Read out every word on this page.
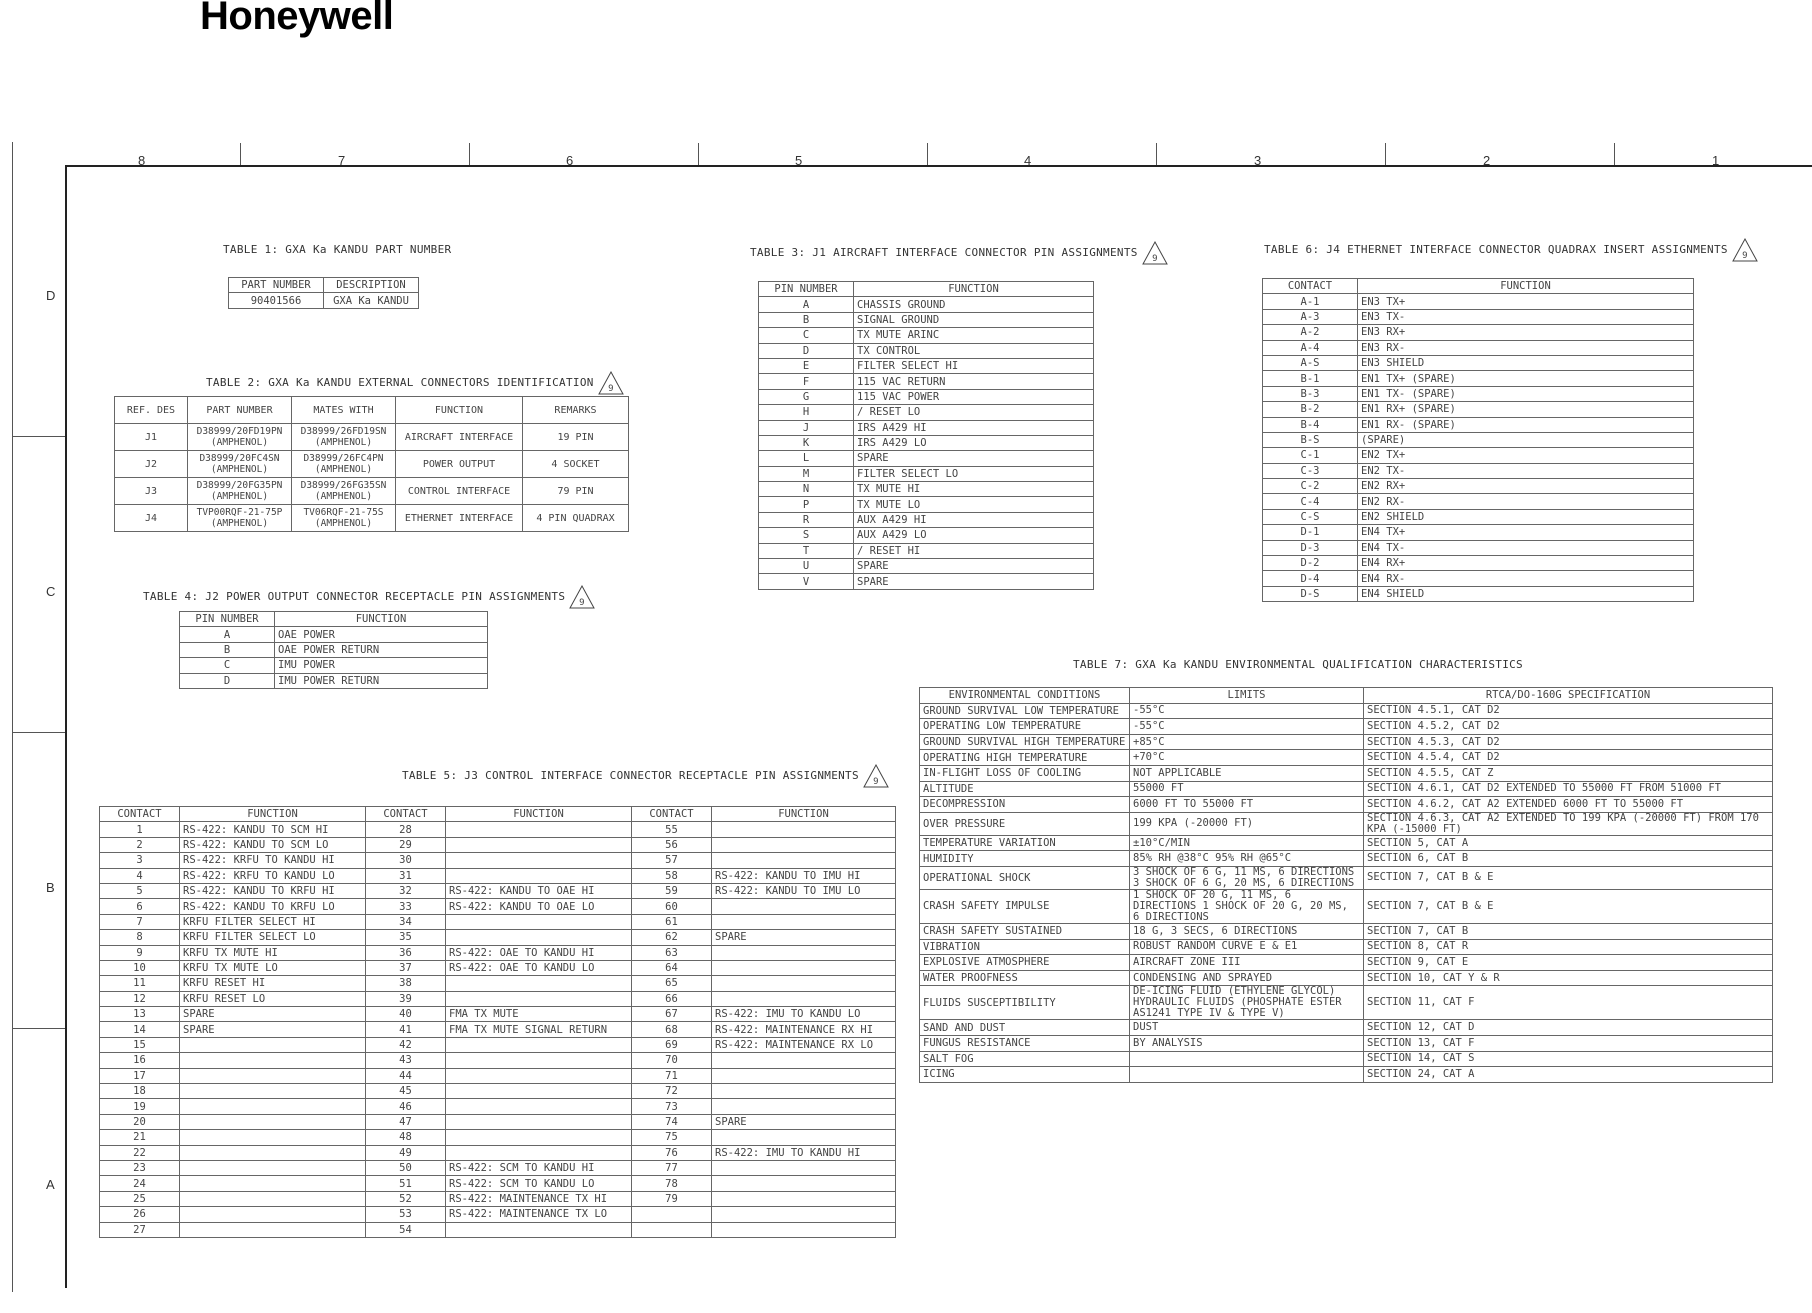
Honeywell
8	7	6	5	4	3	2	1
D
C
B
A
TABLE 1: GXA Ka KANDU PART NUMBER
PART NUMBER	DESCRIPTION
90401566	GXA Ka KANDU
TABLE 2: GXA Ka KANDU EXTERNAL CONNECTORS IDENTIFICATION 9
REF. DES	PART NUMBER	MATES WITH	FUNCTION	REMARKS
J1	D38999/20FD19PN (AMPHENOL)	D38999/26FD19SN (AMPHENOL)	AIRCRAFT INTERFACE	19 PIN
J2	D38999/20FC4SN (AMPHENOL)	D38999/26FC4PN (AMPHENOL)	POWER OUTPUT	4 SOCKET
J3	D38999/20FG35PN (AMPHENOL)	D38999/26FG35SN (AMPHENOL)	CONTROL INTERFACE	79 PIN
J4	TVP00RQF-21-75P (AMPHENOL)	TV06RQF-21-75S (AMPHENOL)	ETHERNET INTERFACE	4 PIN QUADRAX
TABLE 4: J2 POWER OUTPUT CONNECTOR RECEPTACLE PIN ASSIGNMENTS 9
PIN NUMBER	FUNCTION
A	OAE POWER
B	OAE POWER RETURN
C	IMU POWER
D	IMU POWER RETURN
TABLE 3: J1 AIRCRAFT INTERFACE CONNECTOR PIN ASSIGNMENTS 9
PIN NUMBER	FUNCTION
A	CHASSIS GROUND
B	SIGNAL GROUND
C	TX MUTE ARINC
D	TX CONTROL
E	FILTER SELECT HI
F	115 VAC RETURN
G	115 VAC POWER
H	/ RESET LO
J	IRS A429 HI
K	IRS A429 LO
L	SPARE
M	FILTER SELECT LO
N	TX MUTE HI
P	TX MUTE LO
R	AUX A429 HI
S	AUX A429 LO
T	/ RESET HI
U	SPARE
V	SPARE
TABLE 6: J4 ETHERNET INTERFACE CONNECTOR QUADRAX INSERT ASSIGNMENTS 9
CONTACT	FUNCTION
A-1	EN3 TX+
A-3	EN3 TX-
A-2	EN3 RX+
A-4	EN3 RX-
A-S	EN3 SHIELD
B-1	EN1 TX+ (SPARE)
B-3	EN1 TX- (SPARE)
B-2	EN1 RX+ (SPARE)
B-4	EN1 RX- (SPARE)
B-S	(SPARE)
C-1	EN2 TX+
C-3	EN2 TX-
C-2	EN2 RX+
C-4	EN2 RX-
C-S	EN2 SHIELD
D-1	EN4 TX+
D-3	EN4 TX-
D-2	EN4 RX+
D-4	EN4 RX-
D-S	EN4 SHIELD
TABLE 5: J3 CONTROL INTERFACE CONNECTOR RECEPTACLE PIN ASSIGNMENTS 9
CONTACT	FUNCTION	CONTACT	FUNCTION	CONTACT	FUNCTION
1	RS-422: KANDU TO SCM HI	28		55	
2	RS-422: KANDU TO SCM LO	29		56	
3	RS-422: KRFU TO KANDU HI	30		57	
4	RS-422: KRFU TO KANDU LO	31		58	RS-422: KANDU TO IMU HI
5	RS-422: KANDU TO KRFU HI	32	RS-422: KANDU TO OAE HI	59	RS-422: KANDU TO IMU LO
6	RS-422: KANDU TO KRFU LO	33	RS-422: KANDU TO OAE LO	60	
7	KRFU FILTER SELECT HI	34		61	
8	KRFU FILTER SELECT LO	35		62	SPARE
9	KRFU TX MUTE HI	36	RS-422: OAE TO KANDU HI	63	
10	KRFU TX MUTE LO	37	RS-422: OAE TO KANDU LO	64	
11	KRFU RESET HI	38		65	
12	KRFU RESET LO	39		66	
13	SPARE	40	FMA TX MUTE	67	RS-422: IMU TO KANDU LO
14	SPARE	41	FMA TX MUTE SIGNAL RETURN	68	RS-422: MAINTENANCE RX HI
15		42		69	RS-422: MAINTENANCE RX LO
16		43		70	
17		44		71	
18		45		72	
19		46		73	
20		47		74	SPARE
21		48		75	
22		49		76	RS-422: IMU TO KANDU HI
23		50	RS-422: SCM TO KANDU HI	77	
24		51	RS-422: SCM TO KANDU LO	78	
25		52	RS-422: MAINTENANCE TX HI	79	
26		53	RS-422: MAINTENANCE TX LO		
27		54			
TABLE 7: GXA Ka KANDU ENVIRONMENTAL QUALIFICATION CHARACTERISTICS
ENVIRONMENTAL CONDITIONS	LIMITS	RTCA/DO-160G SPECIFICATION
GROUND SURVIVAL LOW TEMPERATURE	-55°C	SECTION 4.5.1, CAT D2
OPERATING LOW TEMPERATURE	-55°C	SECTION 4.5.2, CAT D2
GROUND SURVIVAL HIGH TEMPERATURE	+85°C	SECTION 4.5.3, CAT D2
OPERATING HIGH TEMPERATURE	+70°C	SECTION 4.5.4, CAT D2
IN-FLIGHT LOSS OF COOLING	NOT APPLICABLE	SECTION 4.5.5, CAT Z
ALTITUDE	55000 FT	SECTION 4.6.1, CAT D2 EXTENDED TO 55000 FT FROM 51000 FT
DECOMPRESSION	6000 FT TO 55000 FT	SECTION 4.6.2, CAT A2 EXTENDED 6000 FT TO 55000 FT
OVER PRESSURE	199 KPA (-20000 FT)	SECTION 4.6.3, CAT A2 EXTENDED TO 199 KPA (-20000 FT) FROM 170 KPA (-15000 FT)
TEMPERATURE VARIATION	±10°C/MIN	SECTION 5, CAT A
HUMIDITY	85% RH @38°C 95% RH @65°C	SECTION 6, CAT B
OPERATIONAL SHOCK	3 SHOCK OF 6 G, 11 MS, 6 DIRECTIONS 3 SHOCK OF 6 G, 20 MS, 6 DIRECTIONS	SECTION 7, CAT B & E
CRASH SAFETY IMPULSE	1 SHOCK OF 20 G, 11 MS, 6 DIRECTIONS 1 SHOCK OF 20 G, 20 MS, 6 DIRECTIONS	SECTION 7, CAT B & E
CRASH SAFETY SUSTAINED	18 G, 3 SECS, 6 DIRECTIONS	SECTION 7, CAT B
VIBRATION	ROBUST RANDOM CURVE E & E1	SECTION 8, CAT R
EXPLOSIVE ATMOSPHERE	AIRCRAFT ZONE III	SECTION 9, CAT E
WATER PROOFNESS	CONDENSING AND SPRAYED	SECTION 10, CAT Y & R
FLUIDS SUSCEPTIBILITY	DE-ICING FLUID (ETHYLENE GLYCOL) HYDRAULIC FLUIDS (PHOSPHATE ESTER AS1241 TYPE IV & TYPE V)	SECTION 11, CAT F
SAND AND DUST	DUST	SECTION 12, CAT D
FUNGUS RESISTANCE	BY ANALYSIS	SECTION 13, CAT F
SALT FOG		SECTION 14, CAT S
ICING		SECTION 24, CAT A
